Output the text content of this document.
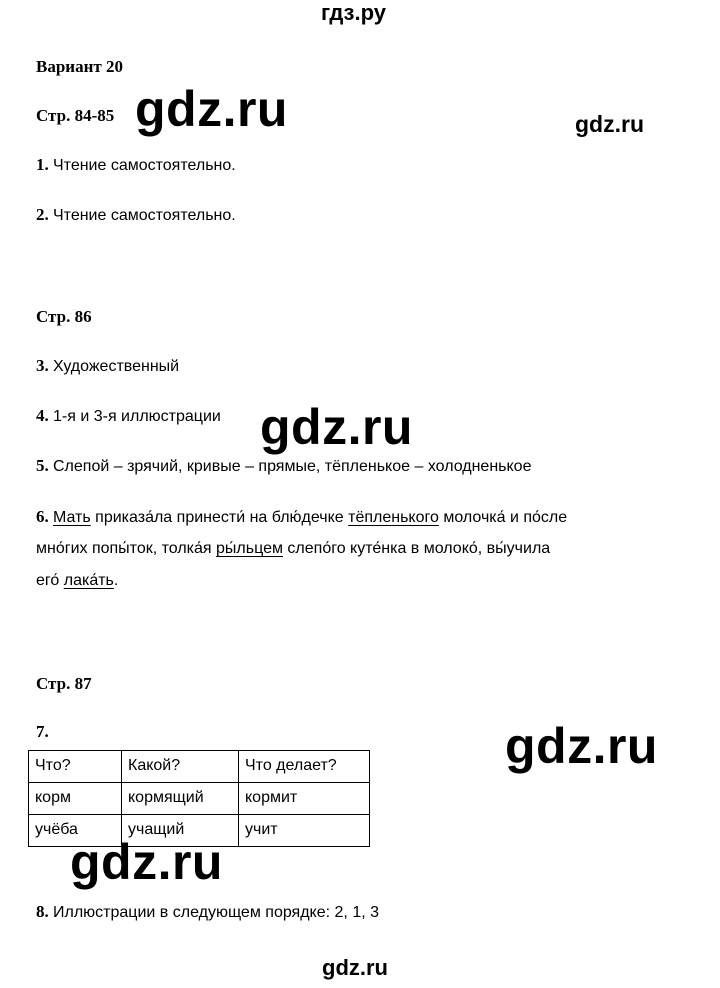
гдз.ру
Вариант 20
Стр. 84-85 gdz.ru	gdz.ru
1. Чтение самостоятельно.
2. Чтение самостоятельно.
Стр. 86
3. Художественный
4. 1-я и 3-я иллюстрации gdz.ru
5. Слепой – зрячий, кривые – прямые, тёпленькое – холодненькое
6. Мать приказа́ла принести́ на блю́дечке тёпленького молочка́ и по́сле
мно́гих попы́ток, толка́я ры́льцем слепо́го куте́нка в молоко́, вы́учила
его́ лака́ть.
Стр. 87
7.	gdz.ru
Что?	Какой?	Что делает?
корм	кормящий	кормит
учёба	учащий	учит
gdz.ru
8. Иллюстрации в следующем порядке: 2, 1, 3
gdz.ru
